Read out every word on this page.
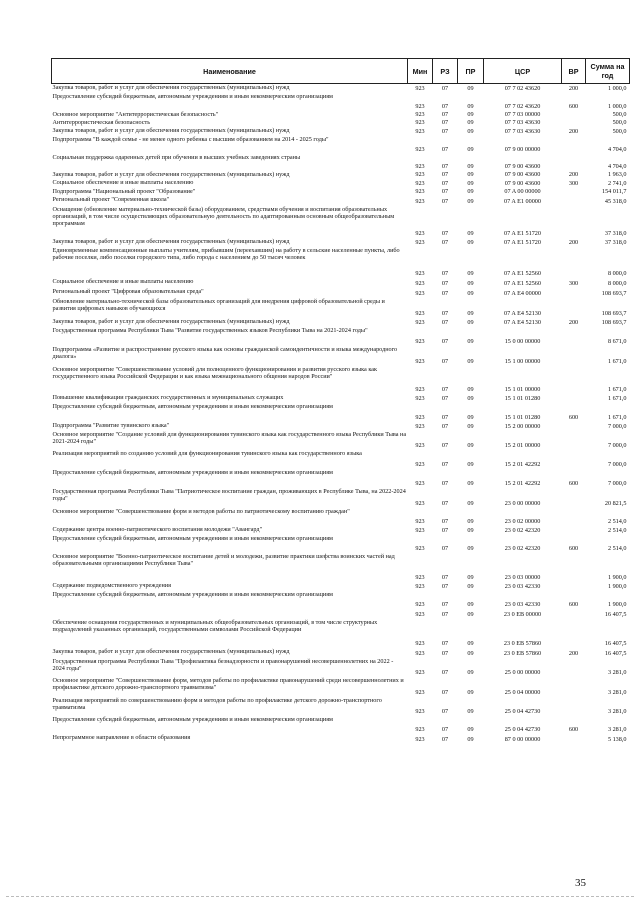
Наименование	Мин	РЗ	ПР	ЦСР	ВР	Сумма на год
Закупка товаров, работ и услуг для обеспечения государственных (муниципальных) нужд	923	07	09	07 7 02 43620	200	1 000,0
Предоставление субсидий бюджетным, автономным учреждениям и иным некоммерческим организациям	923	07	09	07 7 02 43620	600	1 000,0
Основное мероприятие "Антитеррористическая безопасность"	923	07	09	07 7 03 00000		500,0
Антитеррористическая безопасность	923	07	09	07 7 03 43630		500,0
Закупка товаров, работ и услуг для обеспечения государственных (муниципальных) нужд	923	07	09	07 7 03 43630	200	500,0
Подпрограмма "В каждой семье - не менее одного ребенка с высшим образованием на 2014 - 2025 годы"	923	07	09	07 9 00 00000		4 704,0
Социальная поддержка одаренных детей при обучении в высших учебных заведениях страны	923	07	09	07 9 00 43600		4 704,0
Закупка товаров, работ и услуг для обеспечения государственных (муниципальных) нужд	923	07	09	07 9 00 43600	200	1 963,0
Социальное обеспечение и иные выплаты населению	923	07	09	07 9 00 43600	300	2 741,0
Подпрограмма "Национальный проект "Образование"	923	07	09	07 A 00 00000		154 011,7
Региональный проект "Современная школа"	923	07	09	07 A E1 00000		45 318,0
Оснащение (обновление материально-технической базы) оборудованием, средствами обучения и воспитания образовательных организаций, в том числе осуществляющих образовательную деятельность по адаптированным основным общеобразовательным программам	923	07	09	07 A E1 51720		37 318,0
Закупка товаров, работ и услуг для обеспечения государственных (муниципальных) нужд	923	07	09	07 A E1 51720	200	37 318,0
Единовременные компенсационные выплаты учителям, прибывшим (переехавшим) на работу в сельские населенные пункты, либо рабочие поселки, либо поселки городского типа, либо города с населением до 50 тысяч человек	923	07	09	07 A E1 52560		8 000,0
Социальное обеспечение и иные выплаты населению	923	07	09	07 A E1 52560	300	8 000,0
Региональный проект "Цифровая образовательная среда"	923	07	09	07 A E4 00000		108 693,7
Обновление материально-технической базы образовательных организаций для внедрения цифровой образовательной среды и развития цифровых навыков обучающихся	923	07	09	07 A E4 52130		108 693,7
Закупка товаров, работ и услуг для обеспечения государственных (муниципальных) нужд	923	07	09	07 A E4 52130	200	108 693,7
Государственная программа Республики Тыва "Развитие государственных языков Республики Тыва на 2021-2024 годы"	923	07	09	15 0 00 00000		8 671,0
Подпрограмма «Развитие и распространение русского языка как основы гражданской самоидентичности и языка международного диалога»	923	07	09	15 1 00 00000		1 671,0
Основное мероприятие "Совершенствование условий для полноценного функционирования и развития русского языка как государственного языка Российской Федерации и как языка межнационального общения народов России"	923	07	09	15 1 01 00000		1 671,0
Повышение квалификации гражданских государственных и муниципальных служащих	923	07	09	15 1 01 01280		1 671,0
Предоставление субсидий бюджетным, автономным учреждениям и иным некоммерческим организациям	923	07	09	15 1 01 01280	600	1 671,0
Подпрограмма "Развитие тувинского языка"	923	07	09	15 2 00 00000		7 000,0
Основное мероприятие "Создание условий для функционирования тувинского языка как государственного языка Республики Тыва на 2021-2024 годы"	923	07	09	15 2 01 00000		7 000,0
Реализация мероприятий по созданию условий для функционирования тувинского языка как государственного языка	923	07	09	15 2 01 42292		7 000,0
Предоставление субсидий бюджетным, автономным учреждениям и иным некоммерческим организациям	923	07	09	15 2 01 42292	600	7 000,0
Государственная программа Республики Тыва "Патриотическое воспитание граждан, проживающих в Республике Тыва, на 2022-2024 годы"	923	07	09	23 0 00 00000		20 821,5
Основное мероприятие "Совершенствование форм и методов работы по патриотическому воспитанию граждан"	923	07	09	23 0 02 00000		2 514,0
Содержание центра военно-патриотического воспитания молодежи "Авангард"	923	07	09	23 0 02 42320		2 514,0
Предоставление субсидий бюджетным, автономным учреждениям и иным некоммерческим организациям	923	07	09	23 0 02 42320	600	2 514,0
Основное мероприятие "Военно-патриотическое воспитание детей и молодежи, развитие практики шефства воинских частей над образовательными организациями Республики Тыва"	923	07	09	23 0 03 00000		1 900,0
Содержание подведомственного учреждения	923	07	09	23 0 03 42330		1 900,0
Предоставление субсидий бюджетным, автономным учреждениям и иным некоммерческим организациям	923	07	09	23 0 03 42330	600	1 900,0
	923	07	09	23 0 EB 00000		16 407,5
Обеспечение оснащения государственных и муниципальных общеобразовательных организаций, в том числе структурных подразделений указанных организаций, государственными символами Российской Федерации	923	07	09	23 0 EB 57860		16 407,5
Закупка товаров, работ и услуг для обеспечения государственных (муниципальных) нужд	923	07	09	23 0 EB 57860	200	16 407,5
Государственная программа Республики Тыва "Профилактика безнадзорности и правонарушений несовершеннолетних на 2022 - 2024 годы"	923	07	09	25 0 00 00000		3 281,0
Основное мероприятие "Совершенствование форм, методов работы по профилактике правонарушений среди несовершеннолетних и профилактике детского дорожно-транспортного травматизма"	923	07	09	25 0 04 00000		3 281,0
Реализация мероприятий по совершенствованию форм и методов работы по профилактике детского дорожно-транспортного травматизма	923	07	09	25 0 04 42730		3 281,0
Предоставление субсидий бюджетным, автономным учреждениям и иным некоммерческим организациям	923	07	09	25 0 04 42730	600	3 281,0
Непрограммное направление в области образования	923	07	09	87 0 00 00000		5 138,0
35
